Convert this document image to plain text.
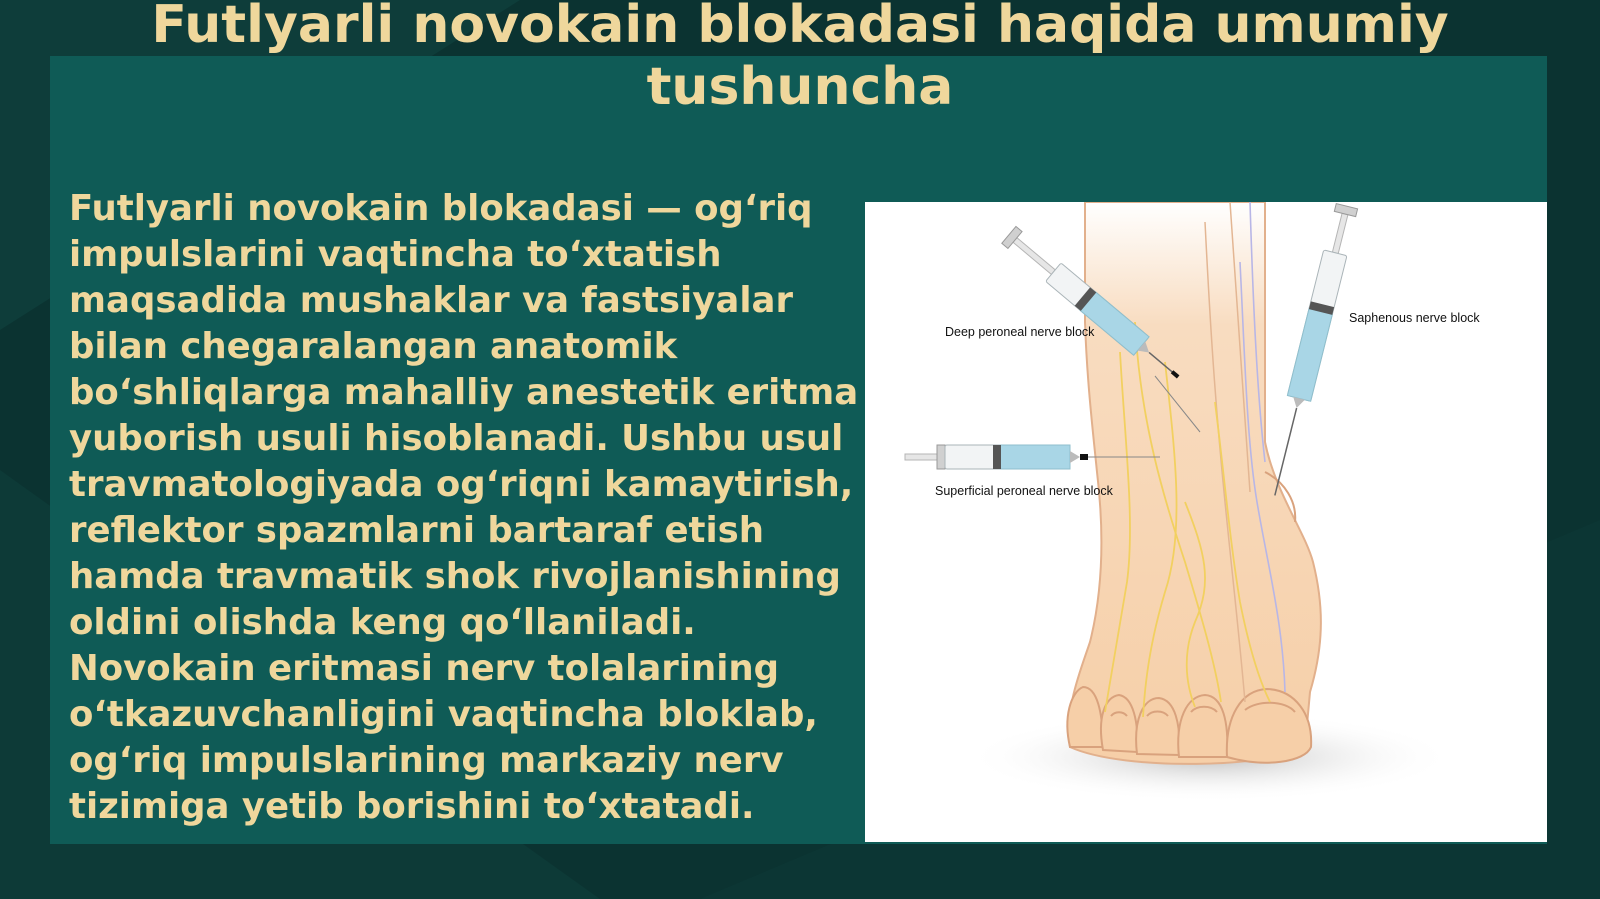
Futlyarli novokain blokadasi haqida umumiy tushuncha

Futlyarli novokain blokadasi — og‘riq impulslarini vaqtincha to‘xtatish maqsadida mushaklar va fastsiyalar bilan chegaralangan anatomik bo‘shliqlarga mahalliy anestetik eritma yuborish usuli hisoblanadi. Ushbu usul travmatologiyada og‘riqni kamaytirish, reflektor spazmlarni bartaraf etish hamda travmatik shok rivojlanishining oldini olishda keng qo‘llaniladi. Novokain eritmasi nerv tolalarining o‘tkazuvchanligini vaqtincha bloklab, og‘riq impulslarining markaziy nerv tizimiga yetib borishini to‘xtatadi.

Deep peroneal nerve block
Saphenous nerve block
Superficial peroneal nerve block
